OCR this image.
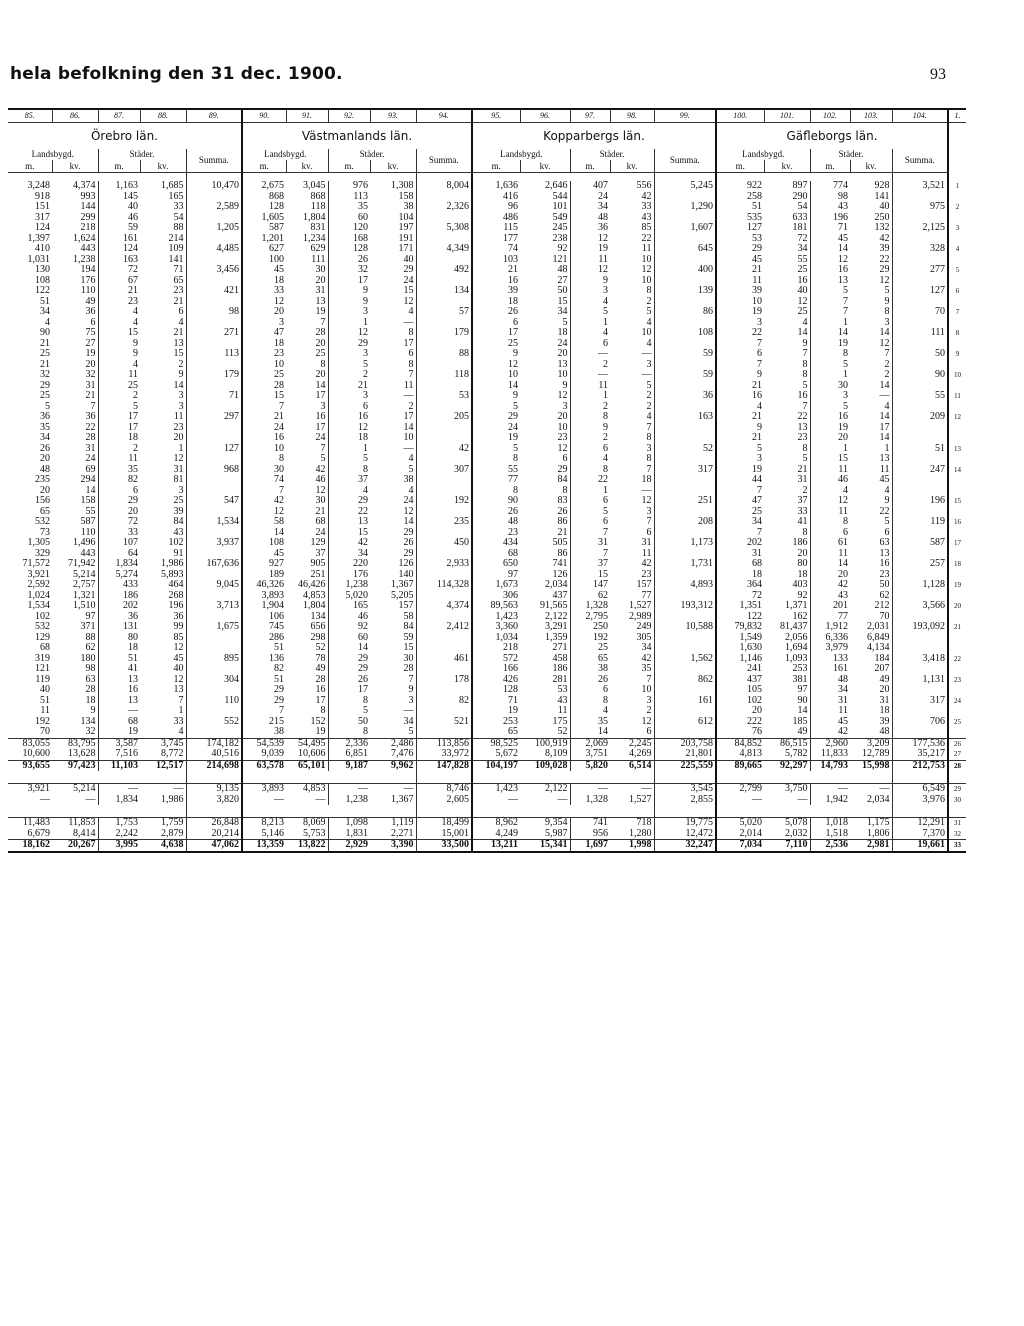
hela befolkning den 31 dec. 1900.	93
85.	86.	87.	88.	89.	90.	91.	92.	93.	94.	95.	96.	97.	98.	99.	100.	101.	102.	103.	104.	1.
Örebro län.					Västmanlands län.					Kopparbergs län.					Gäfleborgs län.					
Landsbygd.		Städer.		Summa.	Landsbygd.		Städer.		Summa.	Landsbygd.		Städer.		Summa.	Landsbygd.		Städer.		Summa.	
m.	kv.	m.	kv.		m.	kv.	m.	kv.		m.	kv.	m.	kv.		m.	kv.	m.	kv.		

3,248	4,374	1,163	1,685	10,470	2,675	3,045	976	1,308	8,004	1,636	2,646	407	556	5,245	922	897	774	928	3,521	1
918	993	145	165		868	868	113	158		416	544	24	42		258	290	98	141		
151	144	40	33	2,589	128	118	35	38	2,326	96	101	34	33	1,290	51	54	43	40	975	2
317	299	46	54		1,605	1,804	60	104		486	549	48	43		535	633	196	250		
124	218	59	88	1,205	587	831	120	197	5,308	115	245	36	85	1,607	127	181	71	132	2,125	3
1,397	1,624	161	214		1,201	1,234	168	191		177	238	12	22		53	72	45	42		
410	443	124	109	4,485	627	629	128	171	4,349	74	92	19	11	645	29	34	14	39	328	4
1,031	1,238	163	141		100	111	26	40		103	121	11	10		45	55	12	22		
130	194	72	71	3,456	45	30	32	29	492	21	48	12	12	400	21	25	16	29	277	5
108	176	67	65		18	20	17	24		16	27	9	10		11	16	13	12		
122	110	21	23	421	33	31	9	15	134	39	50	3	8	139	39	40	5	5	127	6
51	49	23	21		12	13	9	12		18	15	4	2		10	12	7	9		
34	36	4	6	98	20	19	3	4	57	26	34	5	5	86	19	25	7	8	70	7
4	6	4	4		3	7	1	—		6	5	1	4		3	4	1	3		
90	75	15	21	271	47	28	12	8	179	17	18	4	10	108	22	14	14	14	111	8
21	27	9	13		18	20	29	17		25	24	6	4		7	9	19	12		
25	19	9	15	113	23	25	3	6	88	9	20	—	—	59	6	7	8	7	50	9
21	20	4	2		10	8	5	8		12	13	2	3		7	8	5	2		
32	32	11	9	179	25	20	2	7	118	10	10	—	—	59	9	8	1	2	90	10
29	31	25	14		28	14	21	11		14	9	11	5		21	5	30	14		
25	21	2	3	71	15	17	3	—	53	9	12	1	2	36	16	16	3	—	55	11
5	7	5	3		7	3	6	2		5	3	2	2		4	7	5	4		
36	36	17	11	297	21	16	16	17	205	29	20	8	4	163	21	22	16	14	209	12
35	22	17	23		24	17	12	14		24	10	9	7		9	13	19	17		
34	28	18	20		16	24	18	10		19	23	2	8		21	23	20	14		
26	31	2	1	127	10	7	1	—	42	5	12	6	3	52	5	8	1	1	51	13
20	24	11	12		8	5	5	4		8	6	4	8		3	5	15	13		
48	69	35	31	968	30	42	8	5	307	55	29	8	7	317	19	21	11	11	247	14
235	294	82	81		74	46	37	38		77	84	22	18		44	31	46	45		
20	14	6	3		7	12	4	4		8	8	1	—		7	2	4	4		
156	158	29	25	547	42	30	29	24	192	90	83	6	12	251	47	37	12	9	196	15
65	55	20	39		12	21	22	12		26	26	5	3		25	33	11	22		
532	587	72	84	1,534	58	68	13	14	235	48	86	6	7	208	34	41	8	5	119	16
73	110	33	43		14	24	15	29		23	21	7	6		7	8	6	6		
1,305	1,496	107	102	3,937	108	129	42	26	450	434	505	31	31	1,173	202	186	61	63	587	17
329	443	64	91		45	37	34	29		68	86	7	11		31	20	11	13		
71,572	71,942	1,834	1,986	167,636	927	905	220	126	2,933	650	741	37	42	1,731	68	80	14	16	257	18
3,921	5,214	5,274	5,893		189	251	176	140		97	126	15	23		18	18	20	23		
2,592	2,757	433	464	9,045	46,326	46,426	1,238	1,367	114,328	1,673	2,034	147	157	4,893	364	403	42	50	1,128	19
1,024	1,321	186	268		3,893	4,853	5,020	5,205		306	437	62	77		72	92	43	62		
1,534	1,510	202	196	3,713	1,904	1,804	165	157	4,374	89,563	91,565	1,328	1,527	193,312	1,351	1,371	201	212	3,566	20
102	97	36	36		106	134	46	58		1,423	2,122	2,795	2,989		122	162	77	70		
532	371	131	99	1,675	745	656	92	84	2,412	3,360	3,291	250	249	10,588	79,832	81,437	1,912	2,031	193,092	21
129	88	80	85		286	298	60	59		1,034	1,359	192	305		1,549	2,056	6,336	6,849		
68	62	18	12		51	52	14	15		218	271	25	34		1,630	1,694	3,979	4,134		
319	180	51	45	895	136	78	29	30	461	572	458	65	42	1,562	1,146	1,093	133	184	3,418	22
121	98	41	40		82	49	29	28		166	186	38	35		241	253	161	207		
119	63	13	12	304	51	28	26	7	178	426	281	26	7	862	437	381	48	49	1,131	23
40	28	16	13		29	16	17	9		128	53	6	10		105	97	34	20		
51	18	13	7	110	29	17	8	3	82	71	43	8	3	161	102	90	31	31	317	24
11	9	—	1		7	8	5	—		19	11	4	2		20	14	11	18		
192	134	68	33	552	215	152	50	34	521	253	175	35	12	612	222	185	45	39	706	25
70	32	19	4		38	19	8	5		65	52	14	6		76	49	42	48		
83,055	83,795	3,587	3,745	174,182	54,539	54,495	2,336	2,486	113,856	98,525	100,919	2,069	2,245	203,758	84,852	86,515	2,960	3,209	177,536	26
10,600	13,628	7,516	8,772	40,516	9,039	10,606	6,851	7,476	33,972	5,672	8,109	3,751	4,269	21,801	4,813	5,782	11,833	12,789	35,217	27
93,655	97,423	11,103	12,517	214,698	63,578	65,101	9,187	9,962	147,828	104,197	109,028	5,820	6,514	225,559	89,665	92,297	14,793	15,998	212,753	28

3,921	5,214	—	—	9,135	3,893	4,853	—	—	8,746	1,423	2,122	—	—	3,545	2,799	3,750	—	—	6,549	29
—	—	1,834	1,986	3,820	—	—	1,238	1,367	2,605	—	—	1,328	1,527	2,855	—	—	1,942	2,034	3,976	30

11,483	11,853	1,753	1,759	26,848	8,213	8,069	1,098	1,119	18,499	8,962	9,354	741	718	19,775	5,020	5,078	1,018	1,175	12,291	31
6,679	8,414	2,242	2,879	20,214	5,146	5,753	1,831	2,271	15,001	4,249	5,987	956	1,280	12,472	2,014	2,032	1,518	1,806	7,370	32
18,162	20,267	3,995	4,638	47,062	13,359	13,822	2,929	3,390	33,500	13,211	15,341	1,697	1,998	32,247	7,034	7,110	2,536	2,981	19,661	33
